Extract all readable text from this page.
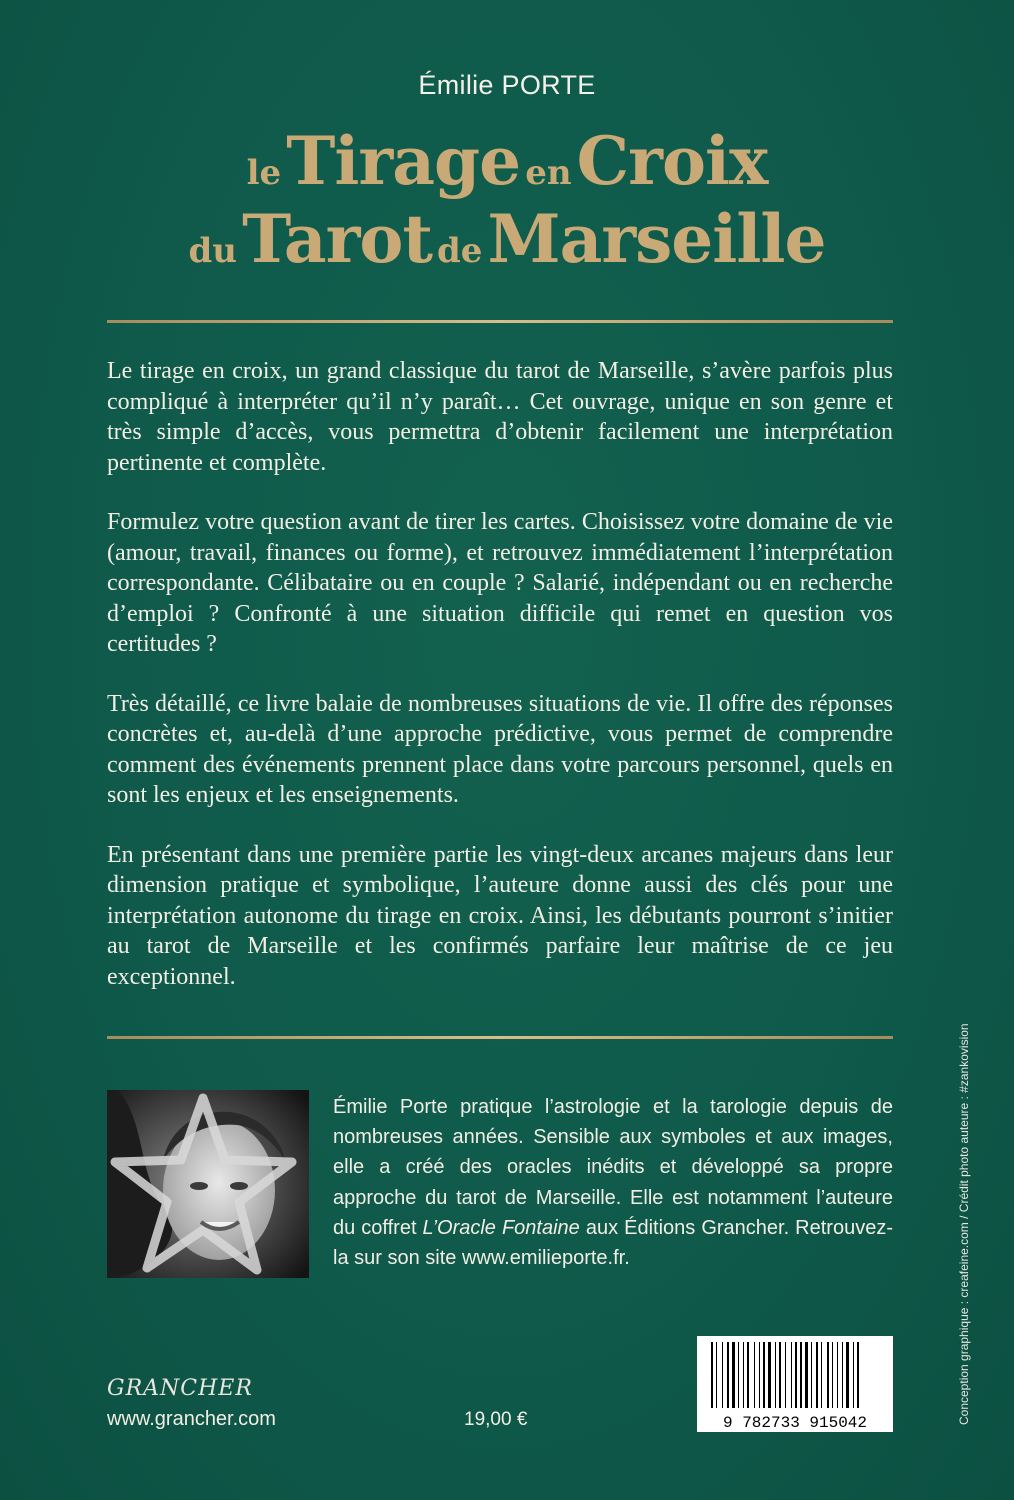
Émilie PORTE
le Tirage en Croix
du Tarot de Marseille

Le tirage en croix, un grand classique du tarot de Marseille, s’avère parfois plus compliqué à interpréter qu’il n’y paraît… Cet ouvrage, unique en son genre et très simple d’accès, vous permettra d’obtenir facilement une interprétation pertinente et complète.

Formulez votre question avant de tirer les cartes. Choisissez votre domaine de vie (amour, travail, finances ou forme), et retrouvez immédiatement l’interprétation correspondante. Célibataire ou en couple ? Salarié, indépendant ou en recherche d’emploi ? Confronté à une situation difficile qui remet en question vos certitudes ?

Très détaillé, ce livre balaie de nombreuses situations de vie. Il offre des réponses concrètes et, au-delà d’une approche prédictive, vous permet de comprendre comment des événements prennent place dans votre parcours personnel, quels en sont les enjeux et les enseignements.

En présentant dans une première partie les vingt-deux arcanes majeurs dans leur dimension pratique et symbolique, l’auteure donne aussi des clés pour une interprétation autonome du tirage en croix. Ainsi, les débutants pourront s’initier au tarot de Marseille et les confirmés parfaire leur maîtrise de ce jeu exceptionnel.

Émilie Porte pratique l’astrologie et la tarologie depuis de nombreuses années. Sensible aux symboles et aux images, elle a créé des oracles inédits et développé sa propre approche du tarot de Marseille. Elle est notamment l’auteure du coffret L’Oracle Fontaine aux Éditions Grancher. Retrouvez-la sur son site www.emilieporte.fr.
GRANCHER
www.grancher.com	19,00 €	9 782733 915042	Conception graphique : creafeine.com / Crédit photo auteure : #zankovision
